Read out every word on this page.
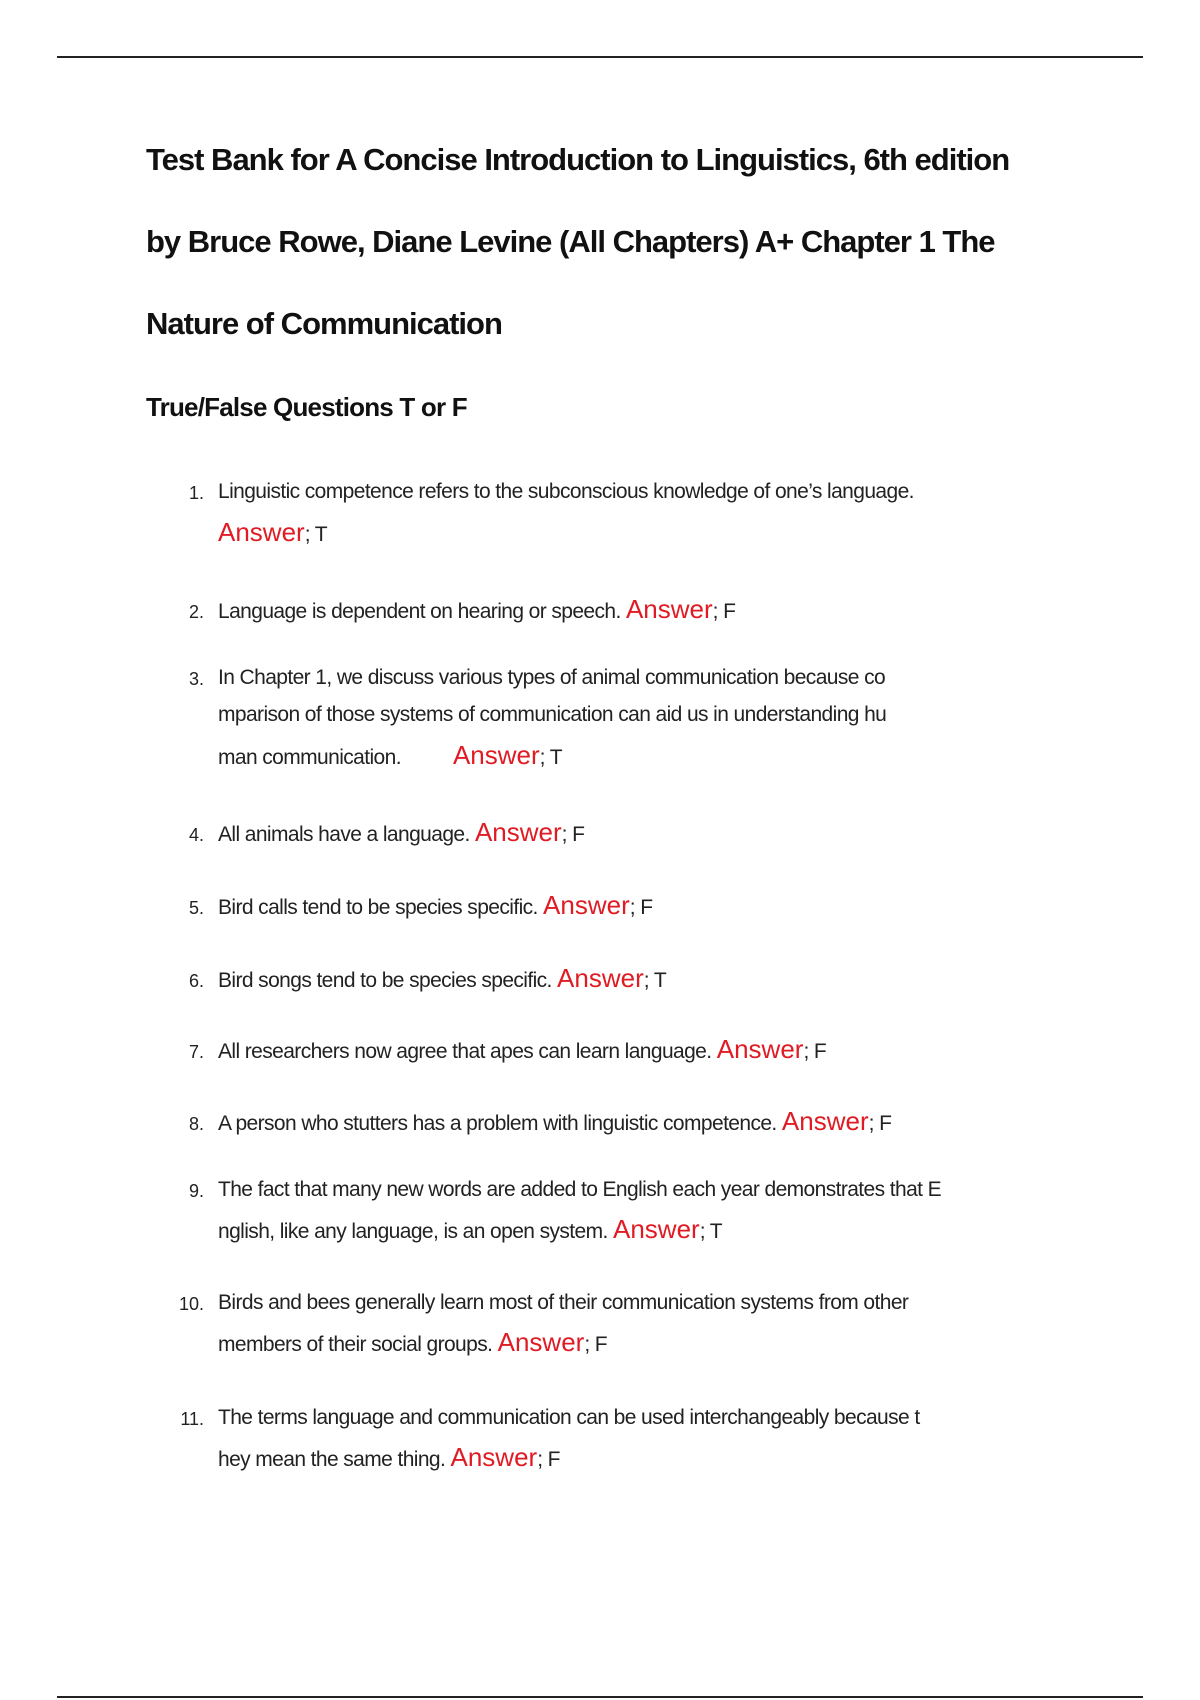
Test Bank for A Concise Introduction to Linguistics, 6th edition
by Bruce Rowe, Diane Levine (All Chapters) A+ Chapter 1 The
Nature of Communication
True/False Questions T or F
1. Linguistic competence refers to the subconscious knowledge of one’s language.
Answer; T
2. Language is dependent on hearing or speech. Answer; F
3. In Chapter 1, we discuss various types of animal communication because co
mparison of those systems of communication can aid us in understanding hu
man communication. Answer; T
4. All animals have a language. Answer; F
5. Bird calls tend to be species specific. Answer; F
6. Bird songs tend to be species specific. Answer; T
7. All researchers now agree that apes can learn language. Answer; F
8. A person who stutters has a problem with linguistic competence. Answer; F
9. The fact that many new words are added to English each year demonstrates that E
nglish, like any language, is an open system. Answer; T
10. Birds and bees generally learn most of their communication systems from other
members of their social groups. Answer; F
11. The terms language and communication can be used interchangeably because t
hey mean the same thing. Answer; F
